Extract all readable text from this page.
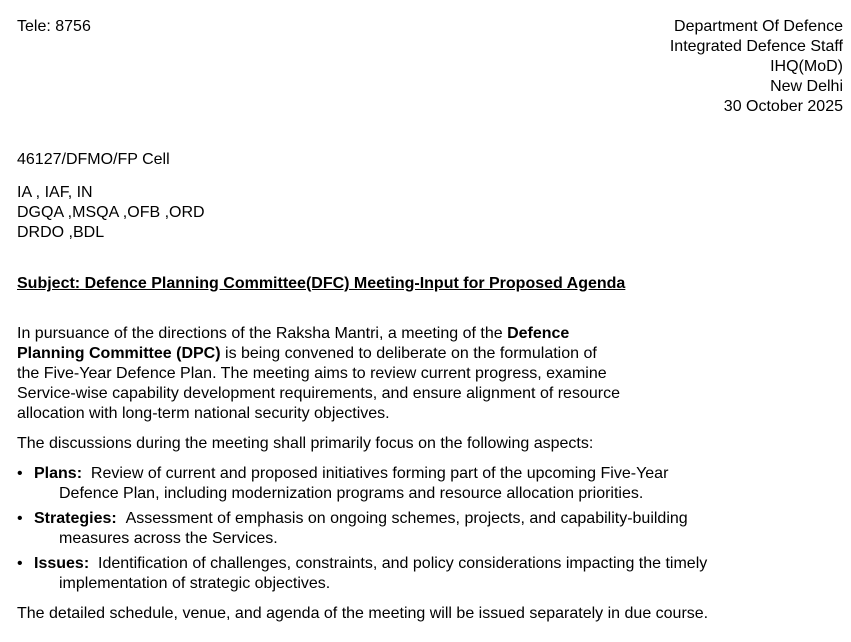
Tele: 8756	Department Of Defence
Integrated Defence Staff
IHQ(MoD)
New Delhi
30 October 2025
46127/DFMO/FP Cell
IA , IAF, IN
DGQA ,MSQA ,OFB ,ORD
DRDO ,BDL
Subject: Defence Planning Committee(DFC) Meeting-Input for Proposed Agenda
In pursuance of the directions of the Raksha Mantri, a meeting of the Defence
Planning Committee (DPC) is being convened to deliberate on the formulation of
the Five-Year Defence Plan. The meeting aims to review current progress, examine
Service-wise capability development requirements, and ensure alignment of resource
allocation with long-term national security objectives.
The discussions during the meeting shall primarily focus on the following aspects:
• Plans: Review of current and proposed initiatives forming part of the upcoming Five-Year
Defence Plan, including modernization programs and resource allocation priorities.
• Strategies: Assessment of emphasis on ongoing schemes, projects, and capability-building
measures across the Services.
• Issues: Identification of challenges, constraints, and policy considerations impacting the timely
implementation of strategic objectives.
The detailed schedule, venue, and agenda of the meeting will be issued separately in due course.
